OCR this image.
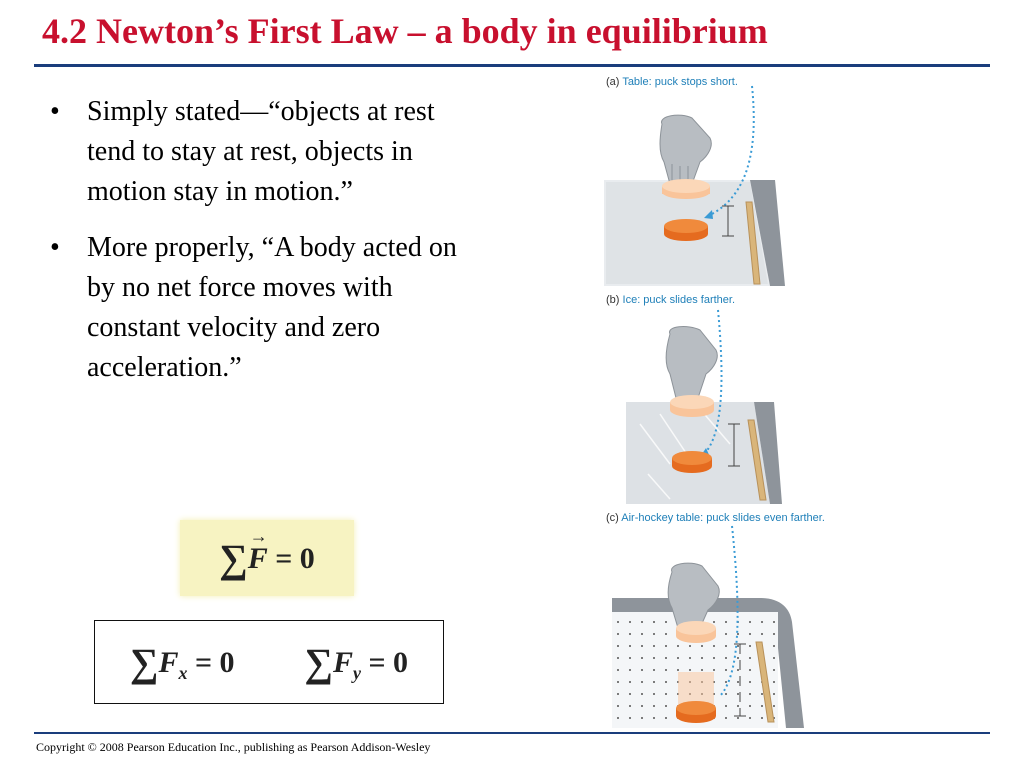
4.2 Newton’s First Law – a body in equilibrium
• Simply stated—“objects at rest tend to stay at rest, objects in motion stay in motion.”
• More properly, “A body acted on by no net force moves with constant velocity and zero acceleration.”
∑F
→
= 0
$\sum F_x = 0$ $\sum F_y = 0$
(a) Table: puck stops short.
(b) Ice: puck slides farther.
(c) Air-hockey table: puck slides even farther.
Copyright © 2008 Pearson Education Inc., publishing as Pearson Addison-Wesley
